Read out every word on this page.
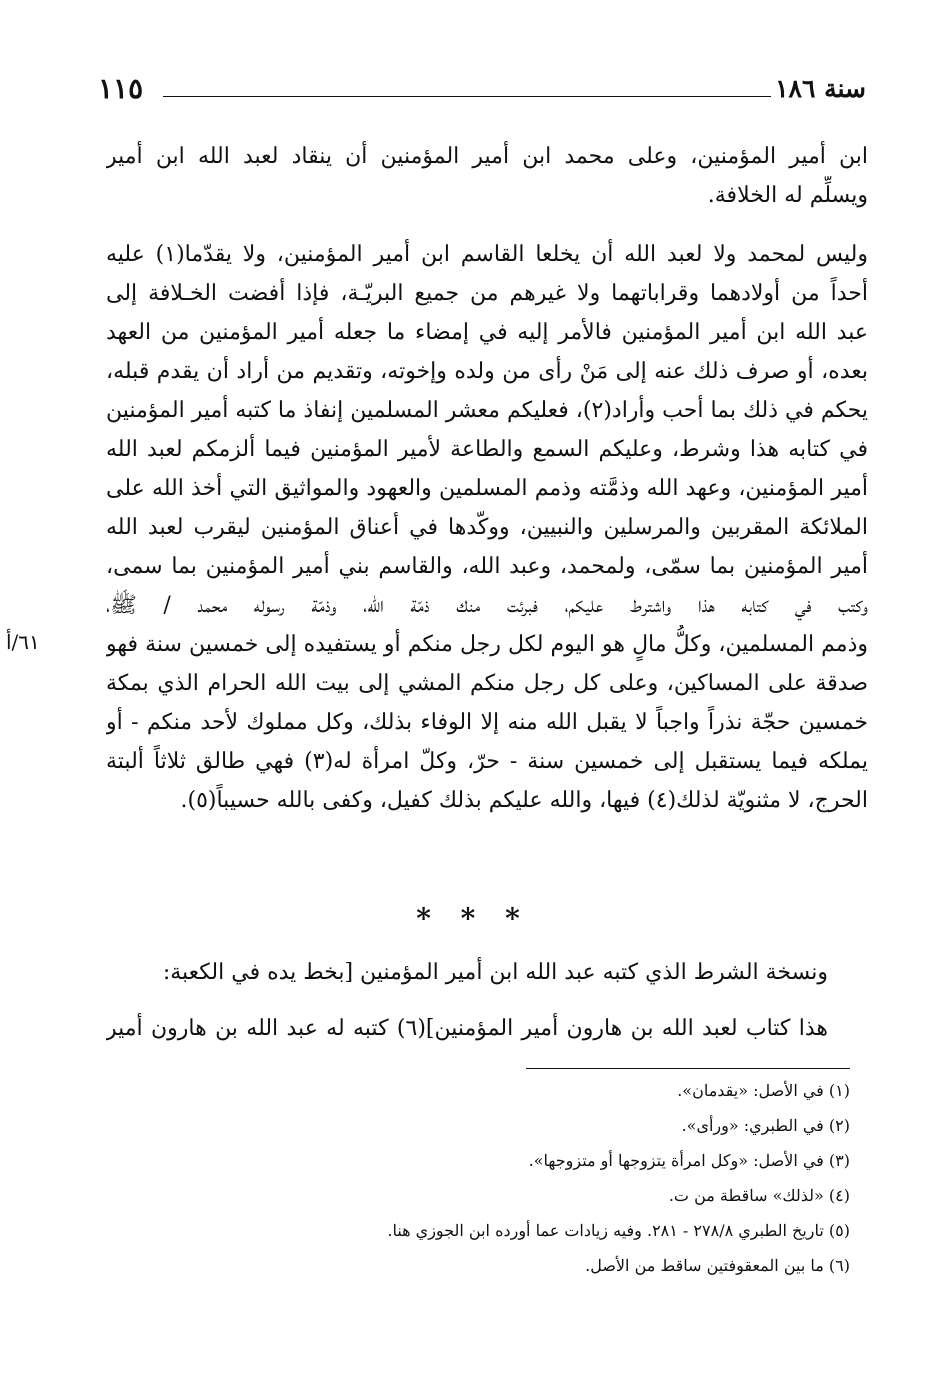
سنة ١٨٦
١١٥
ابن أمير المؤمنين، وعلى محمد ابن أمير المؤمنين أن ينقاد لعبد الله ابن أمير
ويسلِّم له الخلافة.
وليس لمحمد ولا لعبد الله أن يخلعا القاسم ابن أمير المؤمنين، ولا يقدّما(١) عليه
أحداً من أولادهما وقراباتهما ولا غيرهم من جميع البريّـة، فإذا أفضت الخـلافة إلى
عبد الله ابن أمير المؤمنين فالأمر إليه في إمضاء ما جعله أمير المؤمنين من العهد
بعده، أو صرف ذلك عنه إلى مَنْ رأى من ولده وإخوته، وتقديم من أراد أن يقدم قبله،
يحكم في ذلك بما أحب وأراد(٢)، فعليكم معشر المسلمين إنفاذ ما كتبه أمير المؤمنين
في كتابه هذا وشرط، وعليكم السمع والطاعة لأمير المؤمنين فيما ألزمكم لعبد الله
أمير المؤمنين، وعهد الله وذمَّته وذمم المسلمين والعهود والمواثيق التي أخذ الله على
الملائكة المقربين والمرسلين والنبيين، ووكّدها في أعناق المؤمنين ليقرب لعبد الله
أمير المؤمنين بما سمّى، ولمحمد، وعبد الله، والقاسم بني أمير المؤمنين بما سمى،
وكتب في كتابه هذا واشترط عليكم، فبرئت منك ذمّة الله، وذمّة رسوله محمد / ﷺ،
وذمم المسلمين، وكلُّ مالٍ هو اليوم لكل رجل منكم أو يستفيده إلى خمسين سنة فهو
صدقة على المساكين، وعلى كل رجل منكم المشي إلى بيت الله الحرام الذي بمكة
خمسين حجّة نذراً واجباً لا يقبل الله منه إلا الوفاء بذلك، وكل مملوك لأحد منكم - أو
يملكه فيما يستقبل إلى خمسين سنة - حرّ، وكلّ امرأة له(٣) فهي طالق ثلاثاً ألبتة
الحرج، لا مثنويّة لذلك(٤) فيها، والله عليكم بذلك كفيل، وكفى بالله حسيباً(٥).
٦١/أ
* * *
ونسخة الشرط الذي كتبه عبد الله ابن أمير المؤمنين [بخط يده في الكعبة:
هذا كتاب لعبد الله بن هارون أمير المؤمنين](٦) كتبه له عبد الله بن هارون أمير
(١) في الأصل: «يقدمان».
(٢) في الطبري: «ورأى».
(٣) في الأصل: «وكل امرأة يتزوجها أو متزوجها».
(٤) «لذلك» ساقطة من ت.
(٥) تاريخ الطبري ٢٧٨/٨ - ٢٨١. وفيه زيادات عما أورده ابن الجوزي هنا.
(٦) ما بين المعقوفتين ساقط من الأصل.
